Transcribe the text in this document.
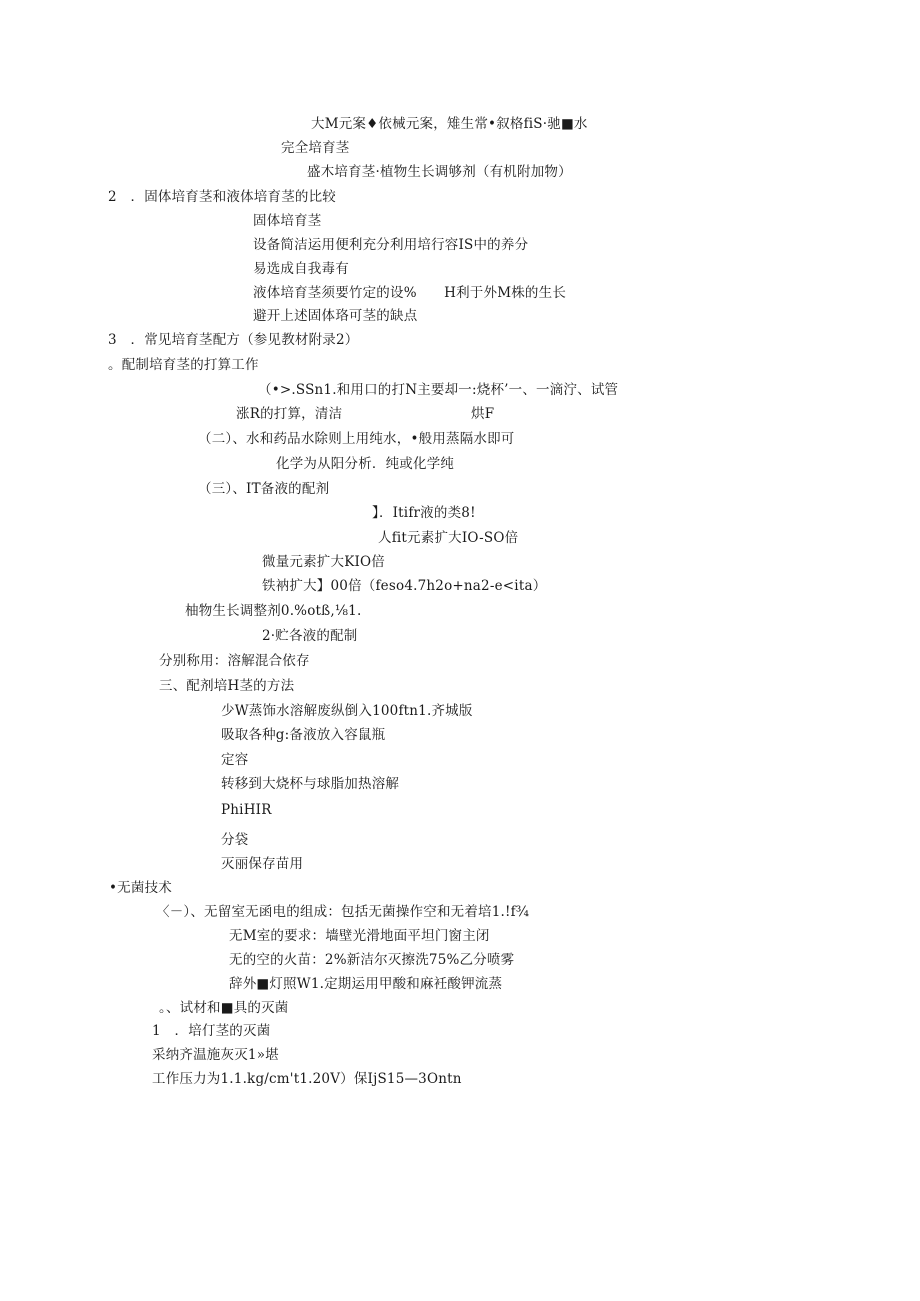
大M元案♦依械元案，雉生常•叙格fiS·驰■水
完全培育茎
盛木培育茎·植物生长调够剂（有机附加物）
2　．固体培育茎和液体培育茎的比较
固体培育茎
设备简洁运用便利充分利用培行容IS中的养分
易选成自我毒有
液体培育茎须要竹定的设%　　H利于外M株的生长
避开上述固体珞可茎的缺点
3　．常见培育茎配方（参见教材附录2）
。配制培育茎的打算工作
（•>.SSn1.和用口的打N主要却一:烧杯’一、一滴泞、试管
涨R的打算，清洁	烘F
（二）、水和药品水除则上用纯水，•般用蒸隔水即可
化学为从阳分析．纯或化学纯
（三）、IT备液的配剂
】．Itifr液的类8!
人fit元素扩大IO-SO倍
微量元素扩大KIO倍
铁衲扩大】00倍（feso4.7h2o+na2-e<ita）
柚物生长调整剂0.%otß,⅛1.
2·贮各液的配制
分别称用：溶解混合依存
三、配剂培H茎的方法
少W蒸饰水溶解废纵倒入100ftn1.齐城版
吸取各种g:备液放入容鼠瓶
定容
转移到大烧杯与球脂加热溶解
PhiHIR
分袋
灭丽保存苗用
•无菌技术
〈－）、无留室无函电的组成：包括无菌操作空和无着培1.!f¾
无M室的要求：墙壁光滑地面平坦门窗主闭
无的空的火苗：2%新洁尔灭擦洗75%乙分喷雾
辞外■灯照W1.定期运用甲酸和麻衽酸钾流蒸
。、试材和■具的灭菌
1　．培仃茎的灭菌
采纳齐温施灰灭1»堪
工作压力为1.1.kg/cm't1.20V）保IjS15—3Ontn
